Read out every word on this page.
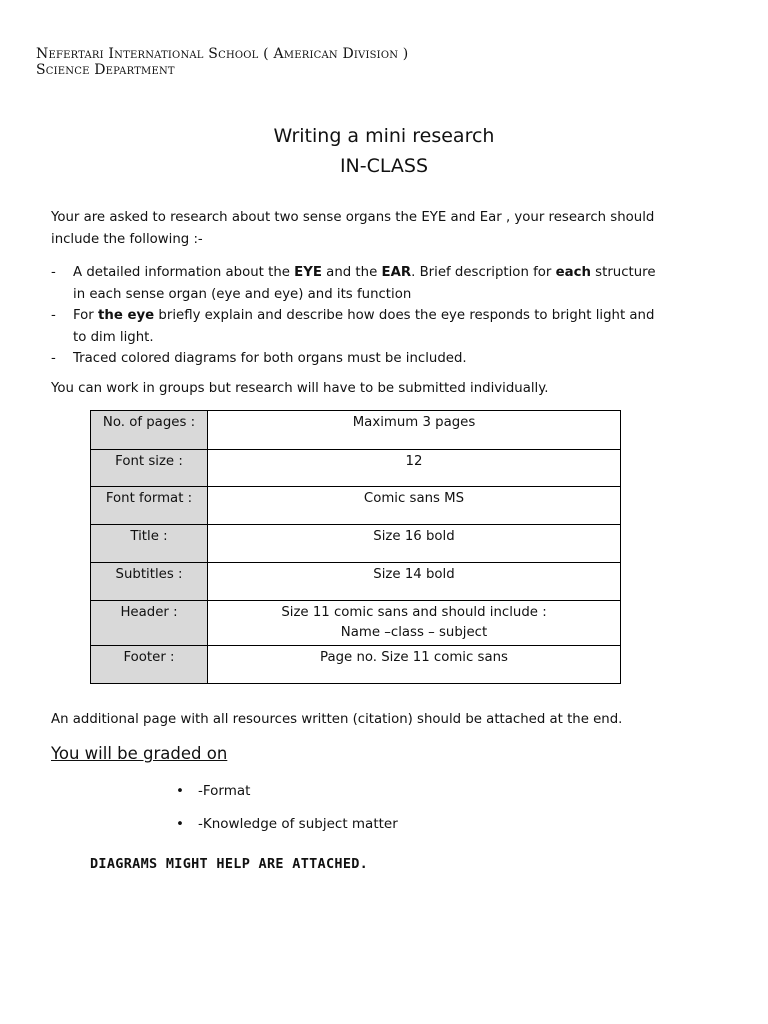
Nefertari International School ( American Division )
Science Department
Writing a mini research
IN-CLASS
Your are asked to research about two sense organs the EYE and Ear , your research should include the following :-
- A detailed information about the EYE and the EAR. Brief description for each structure in each sense organ (eye and eye) and its function
- For the eye briefly explain and describe how does the eye responds to bright light and to dim light.
- Traced colored diagrams for both organs must be included.
You can work in groups but research will have to be submitted individually.
No. of pages :	Maximum 3 pages
Font size :	12
Font format :	Comic sans MS
Title :	Size 16 bold
Subtitles :	Size 14 bold
Header :	Size 11 comic sans and should include :
Name –class – subject

Footer :	Page no. Size 11 comic sans
An additional page with all resources written (citation) should be attached at the end.
You will be graded on
• -Format
• -Knowledge of subject matter
DIAGRAMS MIGHT HELP ARE ATTACHED.
